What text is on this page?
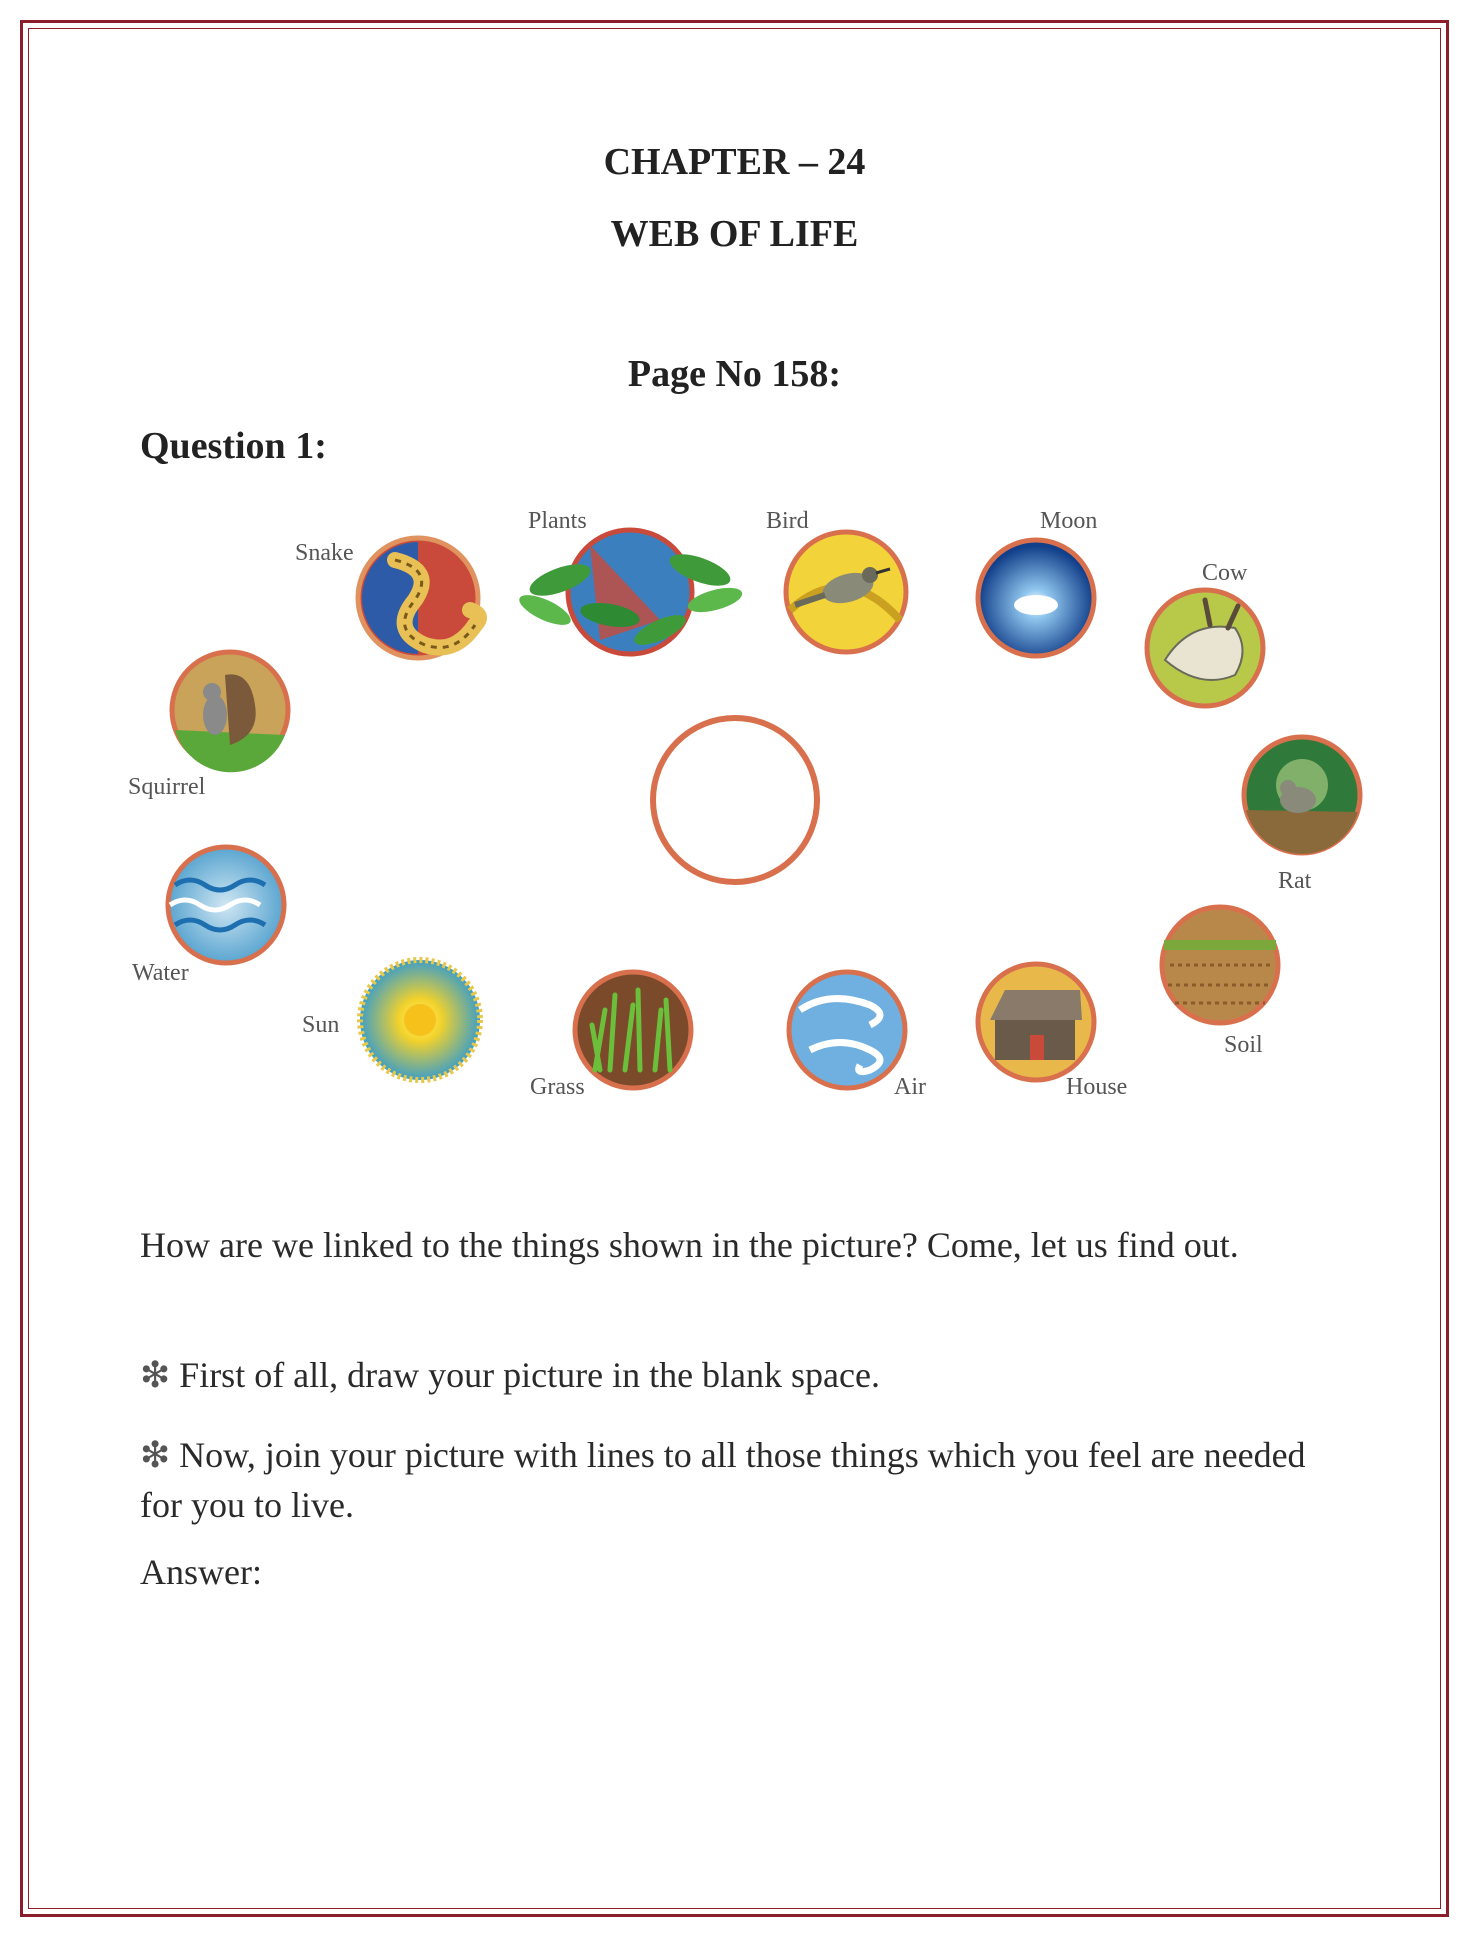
CHAPTER – 24
WEB OF LIFE
Page No 158:
Question 1:
Snake
Plants	Bird	Moon
Cow
Squirrel
Rat
Water
Sun
Grass	Air	House
Soil
How are we linked to the things shown in the picture? Come, let us find out.
❇ First of all, draw your picture in the blank space.
❇ Now, join your picture with lines to all those things which you feel are needed for you to live.
Answer:
